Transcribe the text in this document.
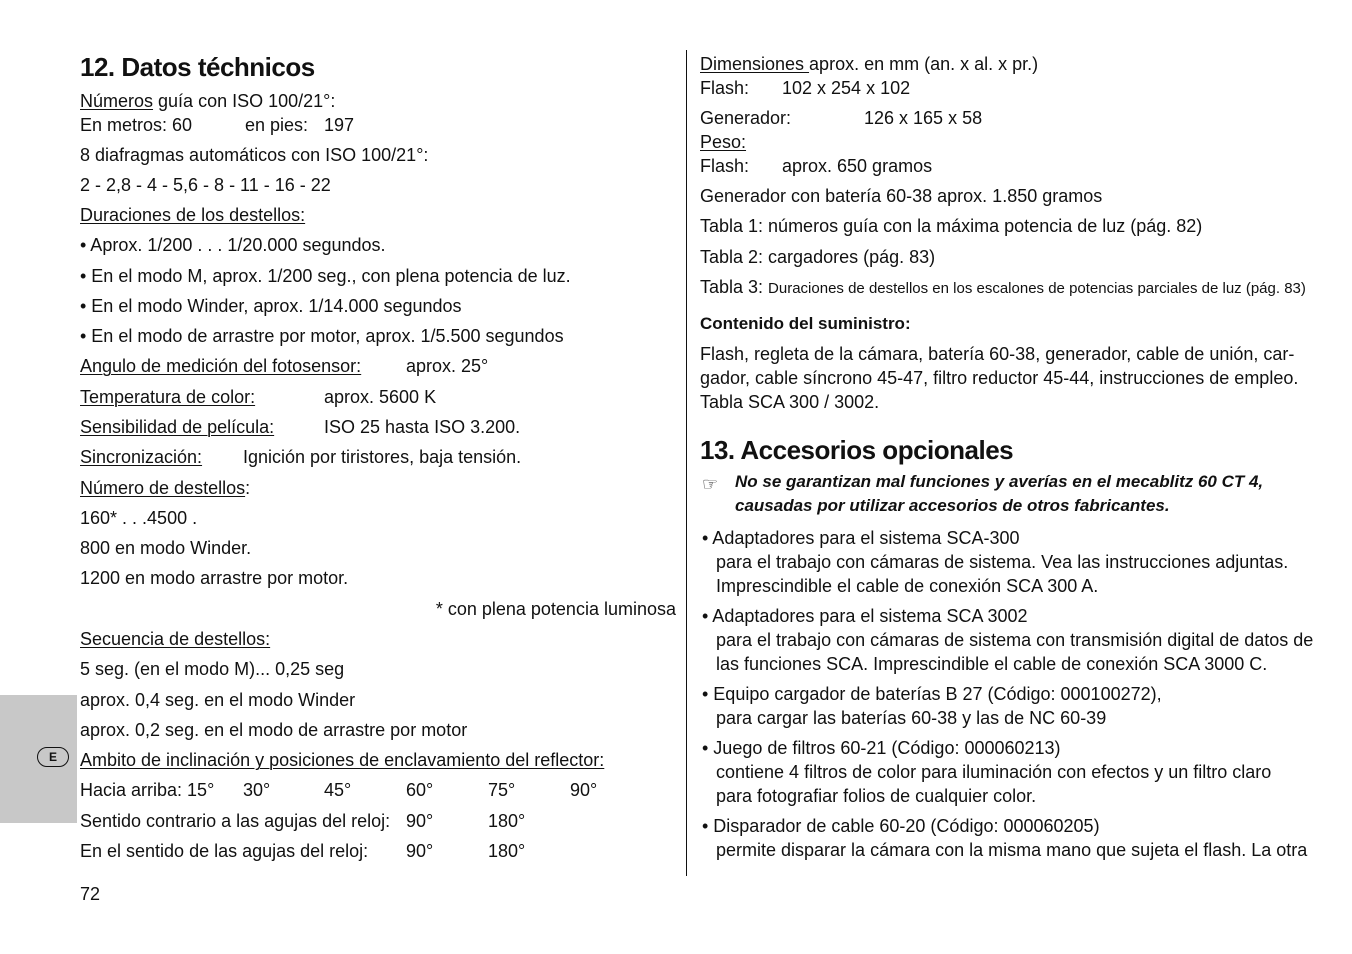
E
12. Datos téchnicos
Números guía con ISO 100/21°:
En metros: 60	en pies: 197
8 diafragmas automáticos con ISO 100/21°:
2 - 2,8 - 4 - 5,6 - 8 - 11 - 16 - 22
Duraciones de los destellos:
• Aprox. 1/200 . . . 1/20.000 segundos.
• En el modo M, aprox. 1/200 seg., con plena potencia de luz.
• En el modo Winder, aprox. 1/14.000 segundos
• En el modo de arrastre por motor, aprox. 1/5.500 segundos
Angulo de medición del fotosensor: aprox. 25°
Temperatura de color:	aprox. 5600 K
Sensibilidad de película:	ISO 25 hasta ISO 3.200.
Sincronización: Ignición por tiristores, baja tensión.
Número de destellos:
160* . . .4500 .
800 en modo Winder.
1200 en modo arrastre por motor.
* con plena potencia luminosa
Secuencia de destellos:
5 seg. (en el modo M)... 0,25 seg
aprox. 0,4 seg. en el modo Winder
aprox. 0,2 seg. en el modo de arrastre por motor
Ambito de inclinación y posiciones de enclavamiento del reflector:
Hacia arriba: 15° 30°	45°	60°	75°	90°
Sentido contrario a las agujas del reloj: 90°	180°
En el sentido de las agujas del reloj: 90°	180°
72
Dimensiones aprox. en mm (an. x al. x pr.)
Flash: 102 x 254 x 102
Generador:	126 x 165 x 58
Peso:
Flash: aprox. 650 gramos
Generador con batería 60-38 aprox. 1.850 gramos
Tabla 1: números guía con la máxima potencia de luz (pág. 82)
Tabla 2: cargadores (pág. 83)
Tabla 3: Duraciones de destellos en los escalones de potencias parciales de luz (pág. 83)
Contenido del suministro:
Flash, regleta de la cámara, batería 60-38, generador, cable de unión, car-
gador, cable síncrono 45-47, filtro reductor 45-44, instrucciones de empleo.
Tabla SCA 300 / 3002.
13. Accesorios opcionales
☞ No se garantizan mal funciones y averías en el mecablitz 60 CT 4,
causadas por utilizar accesorios de otros fabricantes.
• Adaptadores para el sistema SCA-300
para el trabajo con cámaras de sistema. Vea las instrucciones adjuntas.
Imprescindible el cable de conexión SCA 300 A.
• Adaptadores para el sistema SCA 3002
para el trabajo con cámaras de sistema con transmisión digital de datos de
las funciones SCA. Imprescindible el cable de conexión SCA 3000 C.
• Equipo cargador de baterías B 27 (Código: 000100272),
para cargar las baterías 60-38 y las de NC 60-39
• Juego de filtros 60-21 (Código: 000060213)
contiene 4 filtros de color para iluminación con efectos y un filtro claro
para fotografiar folios de cualquier color.
• Disparador de cable 60-20 (Código: 000060205)
permite disparar la cámara con la misma mano que sujeta el flash. La otra
